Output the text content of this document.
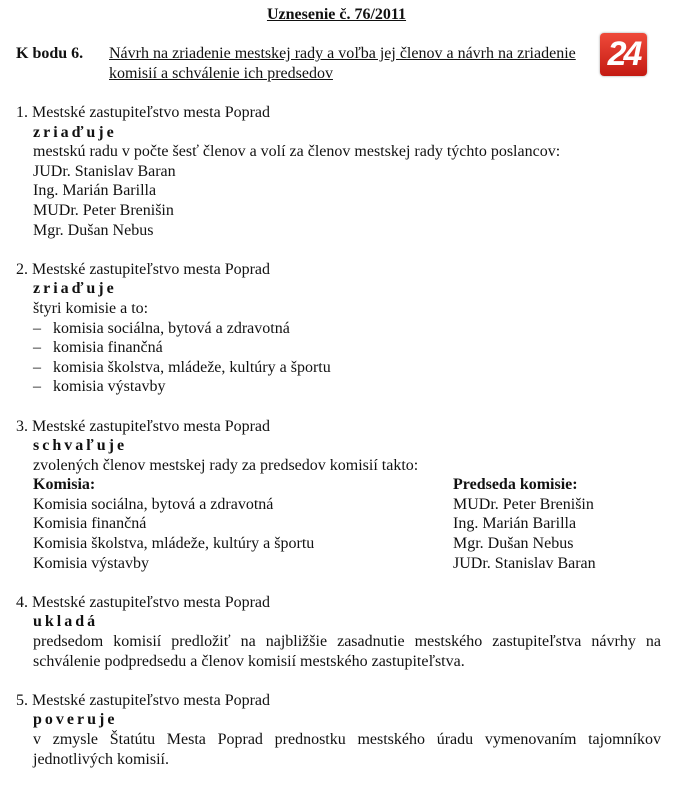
Uznesenie č. 76/2011
K bodu 6.	Návrh na zriadenie mestskej rady a voľba jej členov a návrh na zriadenie komisií a schválenie ich predsedov
24
1. Mestské zastupiteľstvo mesta Poprad
zriaďuje
mestskú radu v počte šesť členov a volí za členov mestskej rady týchto poslancov:
JUDr. Stanislav Baran
Ing. Marián Barilla
MUDr. Peter Brenišin
Mgr. Dušan Nebus
2. Mestské zastupiteľstvo mesta Poprad
zriaďuje
štyri komisie a to:
– komisia sociálna, bytová a zdravotná
– komisia finančná
– komisia školstva, mládeže, kultúry a športu
– komisia výstavby
3. Mestské zastupiteľstvo mesta Poprad
schvaľuje
zvolených členov mestskej rady za predsedov komisií takto:
Komisia:	Predseda komisie:
Komisia sociálna, bytová a zdravotná	MUDr. Peter Brenišin
Komisia finančná	Ing. Marián Barilla
Komisia školstva, mládeže, kultúry a športu	Mgr. Dušan Nebus
Komisia výstavby	JUDr. Stanislav Baran
4. Mestské zastupiteľstvo mesta Poprad
ukladá
predsedom komisií predložiť na najbližšie zasadnutie mestského zastupiteľstva návrhy na schválenie podpredsedu a členov komisií mestského zastupiteľstva.
5. Mestské zastupiteľstvo mesta Poprad
poveruje
v zmysle Štatútu Mesta Poprad prednostku mestského úradu vymenovaním tajomníkov jednotlivých komisií.
